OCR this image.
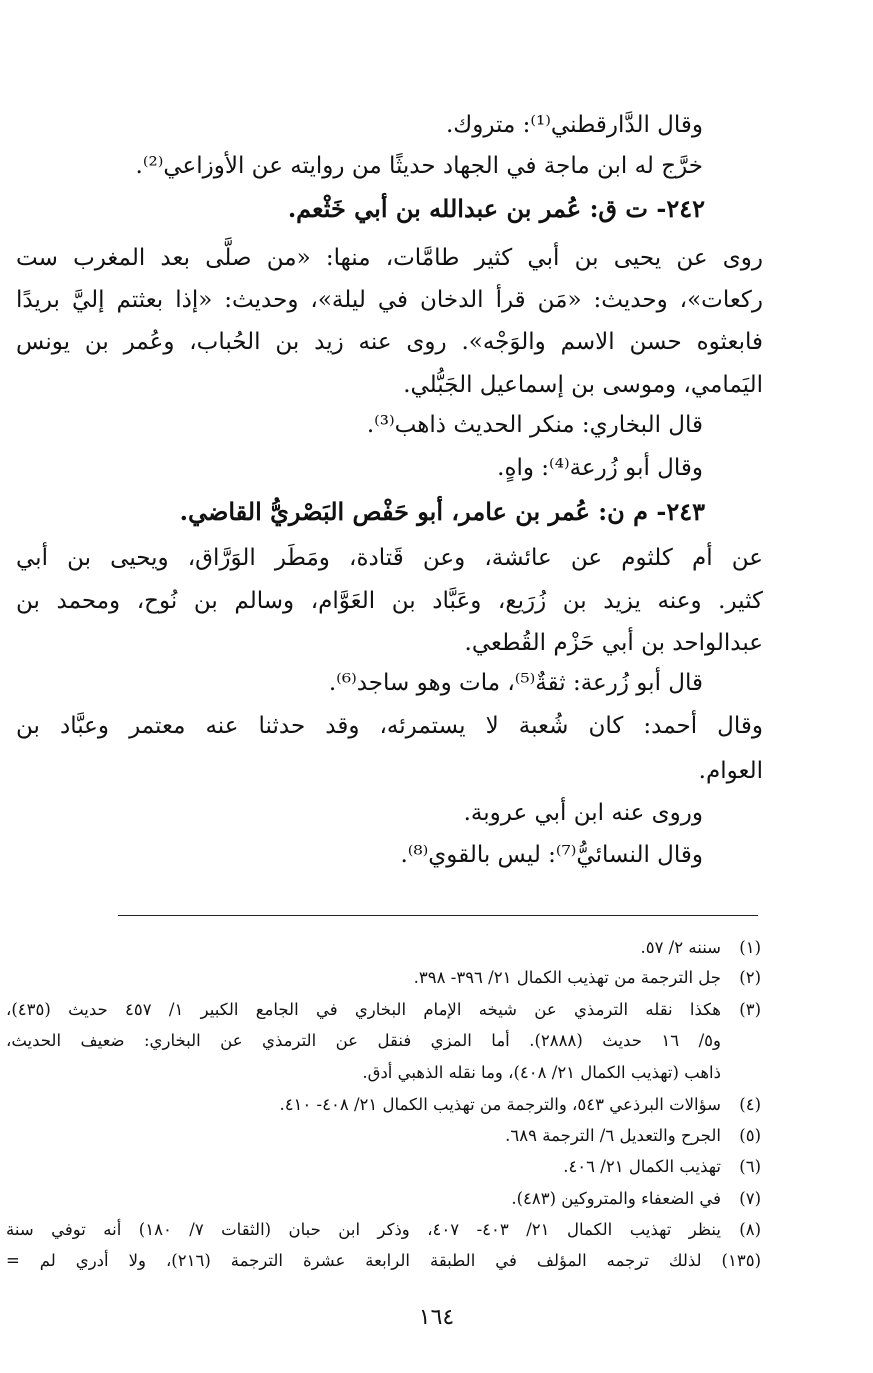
وقال الدَّارقطني⁽¹⁾: متروك.
خرَّج له ابن ماجة في الجهاد حديثًا من روايته عن الأوزاعي⁽²⁾.
٢٤٢- ت ق: عُمر بن عبدالله بن أبي خَثْعم.
روى عن يحيى بن أبي كثير طامَّات، منها: «من صلَّى بعد المغرب ست
ركعات»، وحديث: «مَن قرأ الدخان في ليلة»، وحديث: «إذا بعثتم إليَّ بريدًا
فابعثوه حسن الاسم والوَجْه». روى عنه زيد بن الحُباب، وعُمر بن يونس
اليَمامي، وموسى بن إسماعيل الجَبُّلي.
قال البخاري: منكر الحديث ذاهب⁽³⁾.
وقال أبو زُرعة⁽⁴⁾: واهٍ.
٢٤٣- م ن: عُمر بن عامر، أبو حَفْص البَصْريُّ القاضي.
عن أم كلثوم عن عائشة، وعن قَتادة، ومَطَر الوَرَّاق، ويحيى بن أبي
كثير. وعنه يزيد بن زُرَيع، وعَبَّاد بن العَوَّام، وسالم بن نُوح، ومحمد بن
عبدالواحد بن أبي حَزْم القُطعي.
قال أبو زُرعة: ثقةٌ⁽⁵⁾، مات وهو ساجد⁽⁶⁾.
وقال أحمد: كان شُعبة لا يستمرئه، وقد حدثنا عنه معتمر وعبَّاد بن
العوام.
وروى عنه ابن أبي عروبة.
وقال النسائيُّ⁽⁷⁾: ليس بالقوي⁽⁸⁾.
(١)
سننه ٢/ ٥٧.
(٢)
جل الترجمة من تهذيب الكمال ٢١/ ٣٩٦- ٣٩٨.
(٣)
هكذا نقله الترمذي عن شيخه الإمام البخاري في الجامع الكبير ١/ ٤٥٧ حديث (٤٣٥)،
و٥/ ١٦ حديث (٢٨٨٨). أما المزي فنقل عن الترمذي عن البخاري: ضعيف الحديث،
ذاهب (تهذيب الكمال ٢١/ ٤٠٨)، وما نقله الذهبي أدق.
(٤)
سؤالات البرذعي ٥٤٣، والترجمة من تهذيب الكمال ٢١/ ٤٠٨- ٤١٠.
(٥)
الجرح والتعديل ٦/ الترجمة ٦٨٩.
(٦)
تهذيب الكمال ٢١/ ٤٠٦.
(٧)
في الضعفاء والمتروكين (٤٨٣).
(٨)
ينظر تهذيب الكمال ٢١/ ٤٠٣- ٤٠٧، وذكر ابن حبان (الثقات ٧/ ١٨٠) أنه توفي سنة
(١٣٥) لذلك ترجمه المؤلف في الطبقة الرابعة عشرة الترجمة (٢١٦)، ولا أدري لم =
١٦٤
